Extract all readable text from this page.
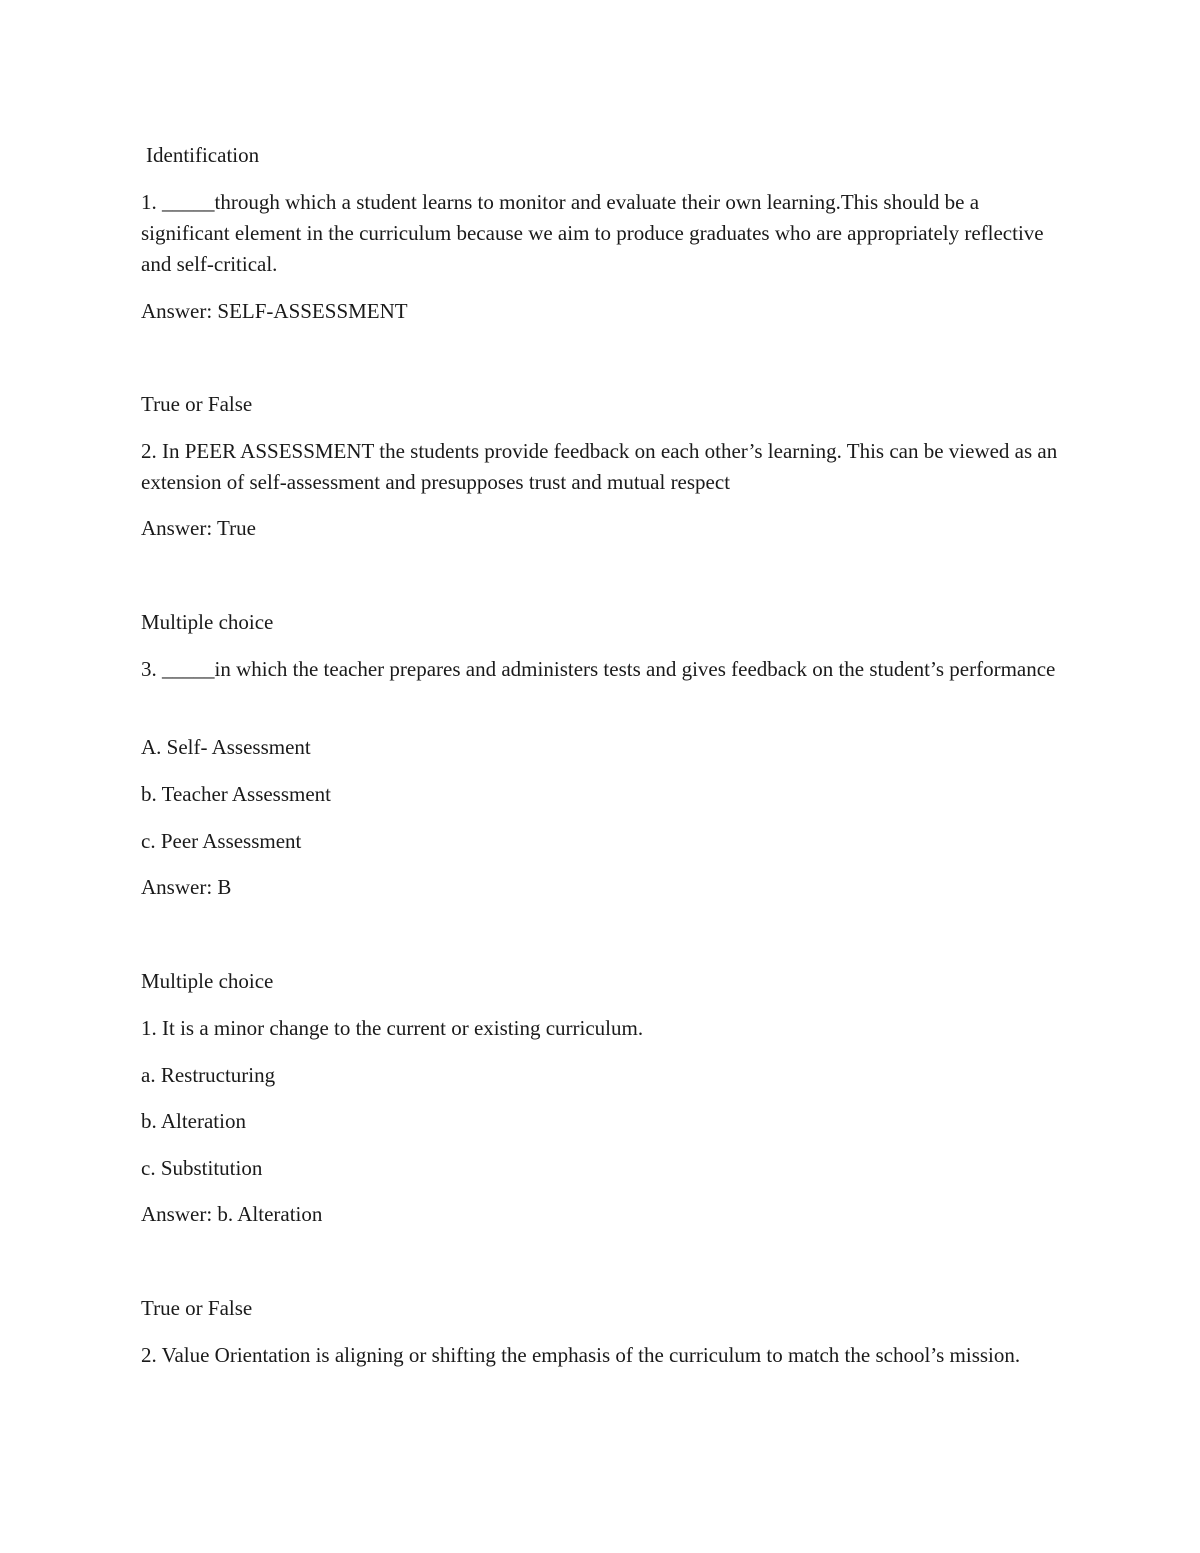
Identification
1. _____through which a student learns to monitor and evaluate their own learning.This should be a significant element in the curriculum because we aim to produce graduates who are appropriately reflective and self-critical.
Answer: SELF-ASSESSMENT
True or False
2. In PEER ASSESSMENT the students provide feedback on each other’s learning. This can be viewed as an extension of self-assessment and presupposes trust and mutual respect
Answer: True
Multiple choice
3. _____in which the teacher prepares and administers tests and gives feedback on the student’s performance
A. Self- Assessment
b. Teacher Assessment
c. Peer Assessment
Answer: B
Multiple choice
1. It is a minor change to the current or existing curriculum.
a. Restructuring
b. Alteration
c. Substitution
Answer: b. Alteration
True or False
2. Value Orientation is aligning or shifting the emphasis of the curriculum to match the school’s mission.
